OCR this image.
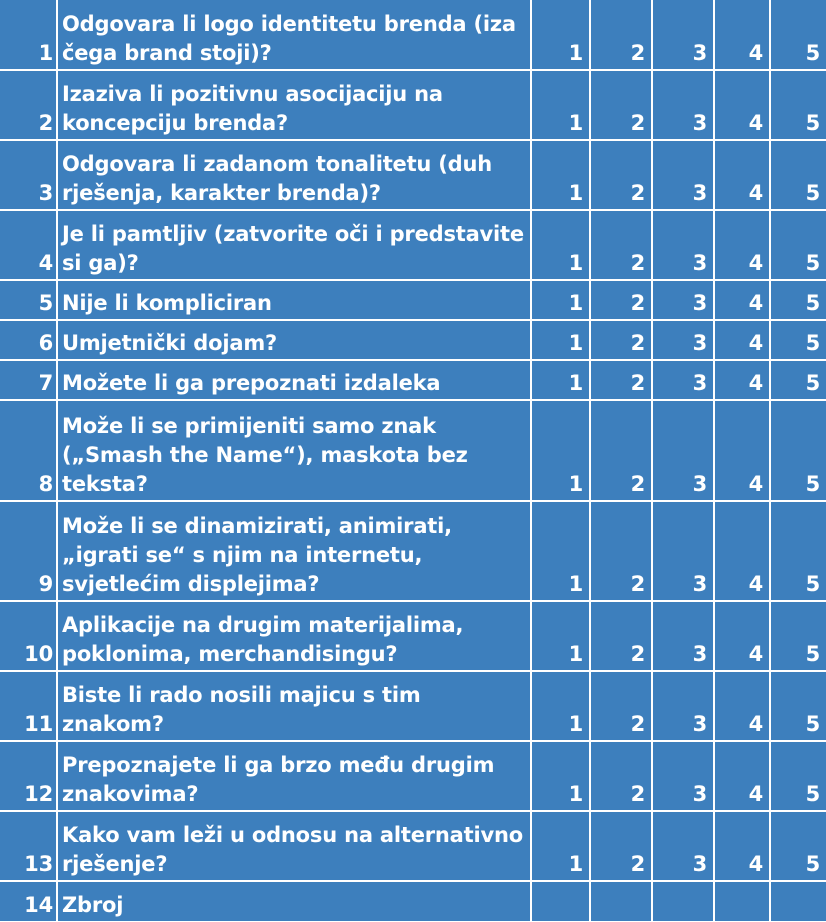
1	Odgovara li logo identitetu brenda (iza čega brand stoji)?	1	2	3	4	5
2	Izaziva li pozitivnu asocijaciju na koncepciju brenda?	1	2	3	4	5
3	Odgovara li zadanom tonalitetu (duh rješenja, karakter brenda)?	1	2	3	4	5
4	Je li pamtljiv (zatvorite oči i predstavite si ga)?	1	2	3	4	5
5	Nije li kompliciran	1	2	3	4	5
6	Umjetnički dojam?	1	2	3	4	5
7	Možete li ga prepoznati izdaleka	1	2	3	4	5
8	Može li se primijeniti samo znak („Smash the Name“), maskota bez teksta?	1	2	3	4	5
9	Može li se dinamizirati, animirati, „igrati se“ s njim na internetu, svjetlećim displejima?	1	2	3	4	5
10	Aplikacije na drugim materijalima, poklonima, merchandisingu?	1	2	3	4	5
11	Biste li rado nosili majicu s tim znakom?	1	2	3	4	5
12	Prepoznajete li ga brzo među drugim znakovima?	1	2	3	4	5
13	Kako vam leži u odnosu na alternativno rješenje?	1	2	3	4	5
14	Zbroj					
